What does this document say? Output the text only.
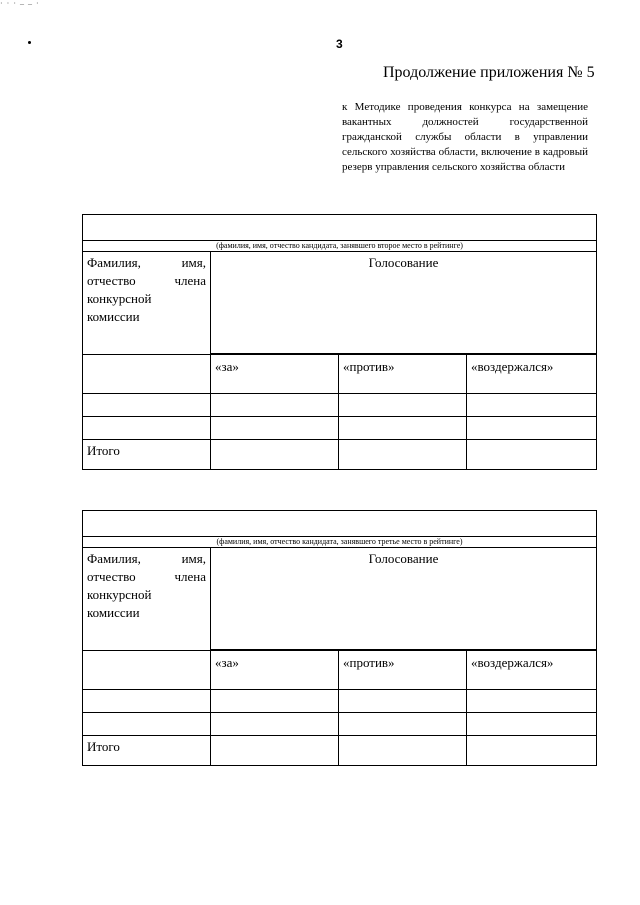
· · · ‒ ‒ ·
3
Продолжение приложения № 5

к Методике проведения конкурса на замещение вакантных должностей государственной гражданской службы области в управлении сельского хозяйства области, включение в кадровый резерв управления сельского хозяйства области

(фамилия, имя, отчество кандидата, занявшего второе место в рейтинге)			
Фамилия, имя, отчество члена конкурсной комиссии	Голосование		

	«за»	«против»	«воздержался»

Итого			

(фамилия, имя, отчество кандидата, занявшего третье место в рейтинге)			
Фамилия, имя, отчество члена конкурсной комиссии	Голосование		

	«за»	«против»	«воздержался»

Итого			
